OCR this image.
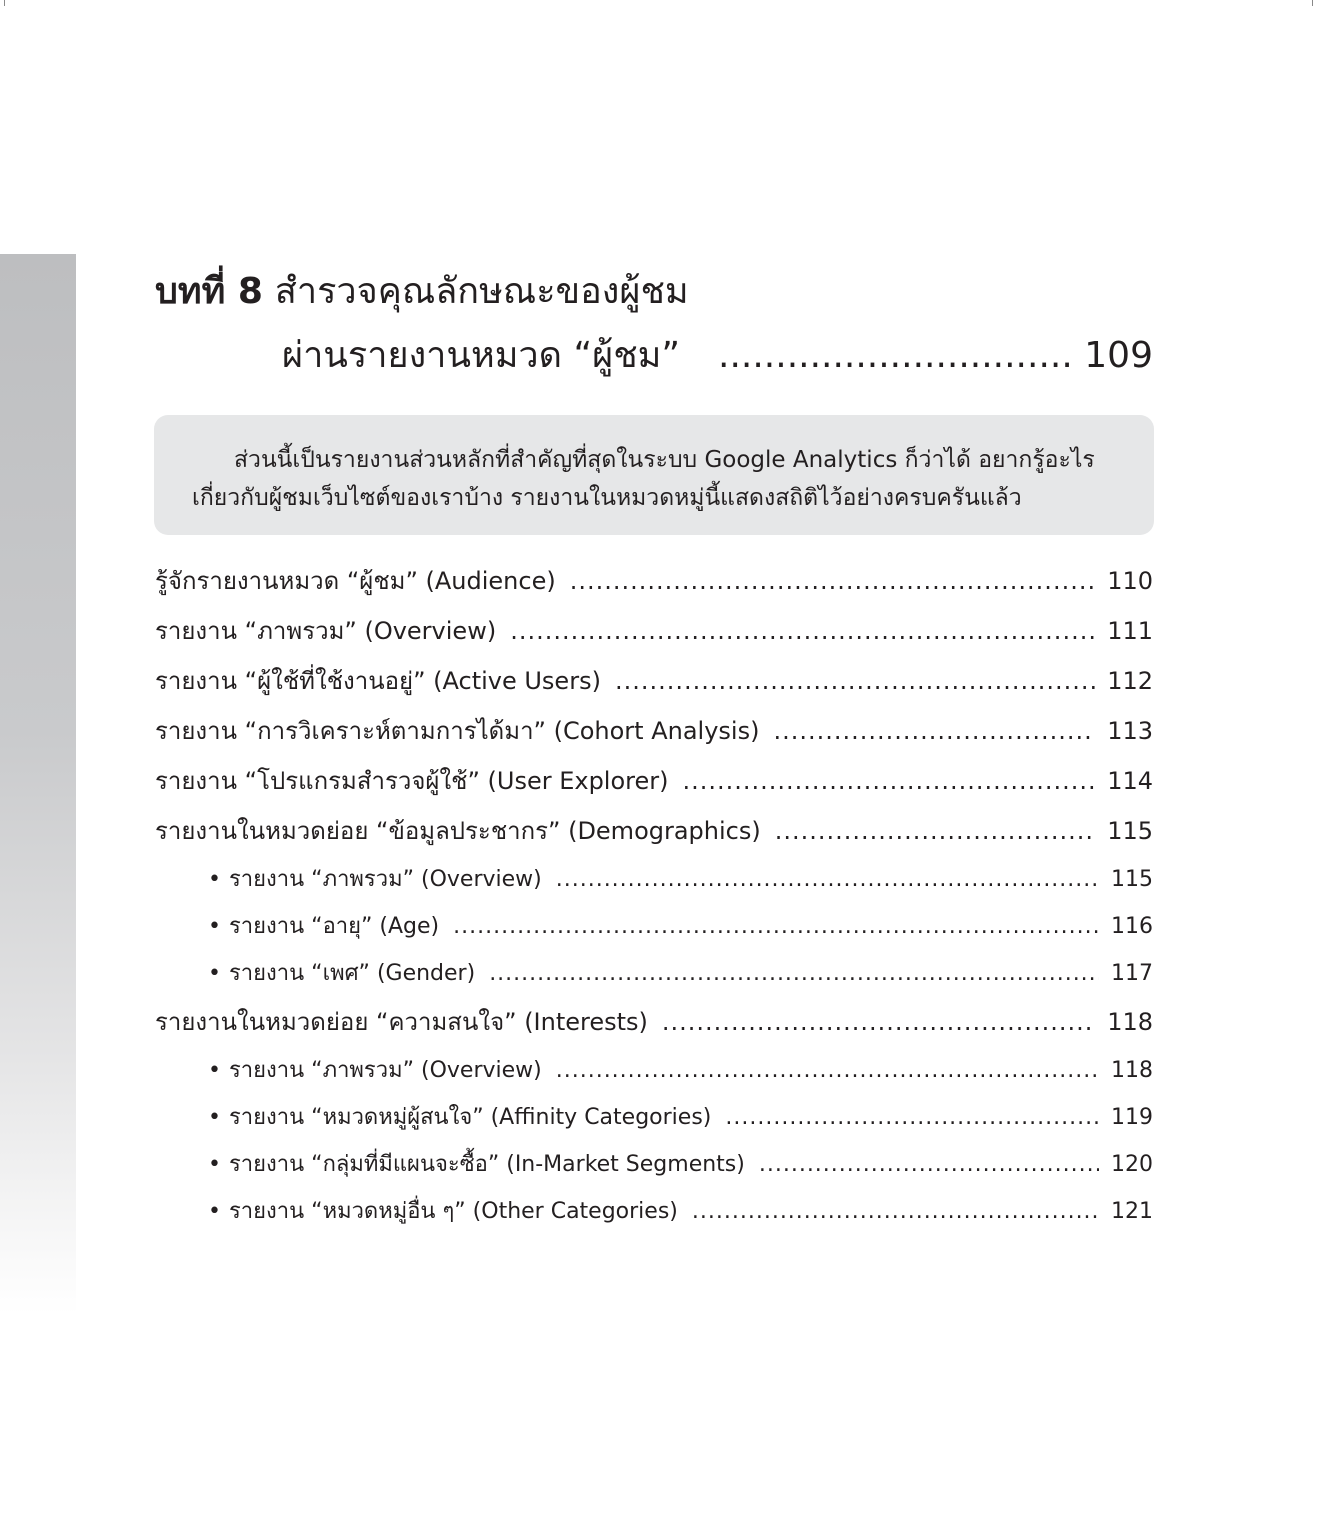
บทที่ 8 สำรวจคุณลักษณะของผู้ชม
ผ่านรายงานหมวด “ผู้ชม” .....	109

ส่วนนี้เป็นรายงานส่วนหลักที่สำคัญที่สุดในระบบ Google Analytics ก็ว่าได้ อยากรู้อะไรเกี่ยวกับผู้ชมเว็บไซต์ของเราบ้าง รายงานในหมวดหมู่นี้แสดงสถิติไว้อย่างครบครันแล้ว

รู้จักรายงานหมวด “ผู้ชม” (Audience) .....	110
รายงาน “ภาพรวม” (Overview) .....	111
รายงาน “ผู้ใช้ที่ใช้งานอยู่” (Active Users) .....	112
รายงาน “การวิเคราะห์ตามการได้มา” (Cohort Analysis) .....	113
รายงาน “โปรแกรมสำรวจผู้ใช้” (User Explorer) .....	114
รายงานในหมวดย่อย “ข้อมูลประชากร” (Demographics) .....	115
• รายงาน “ภาพรวม” (Overview) .....	115
• รายงาน “อายุ” (Age) .....	116
• รายงาน “เพศ” (Gender) .....	117
รายงานในหมวดย่อย “ความสนใจ” (Interests) .....	118
• รายงาน “ภาพรวม” (Overview) .....	118
• รายงาน “หมวดหมู่ผู้สนใจ” (Affinity Categories) .....	119
• รายงาน “กลุ่มที่มีแผนจะซื้อ” (In-Market Segments) .....	120
• รายงาน “หมวดหมู่อื่น ๆ” (Other Categories) .....	121
